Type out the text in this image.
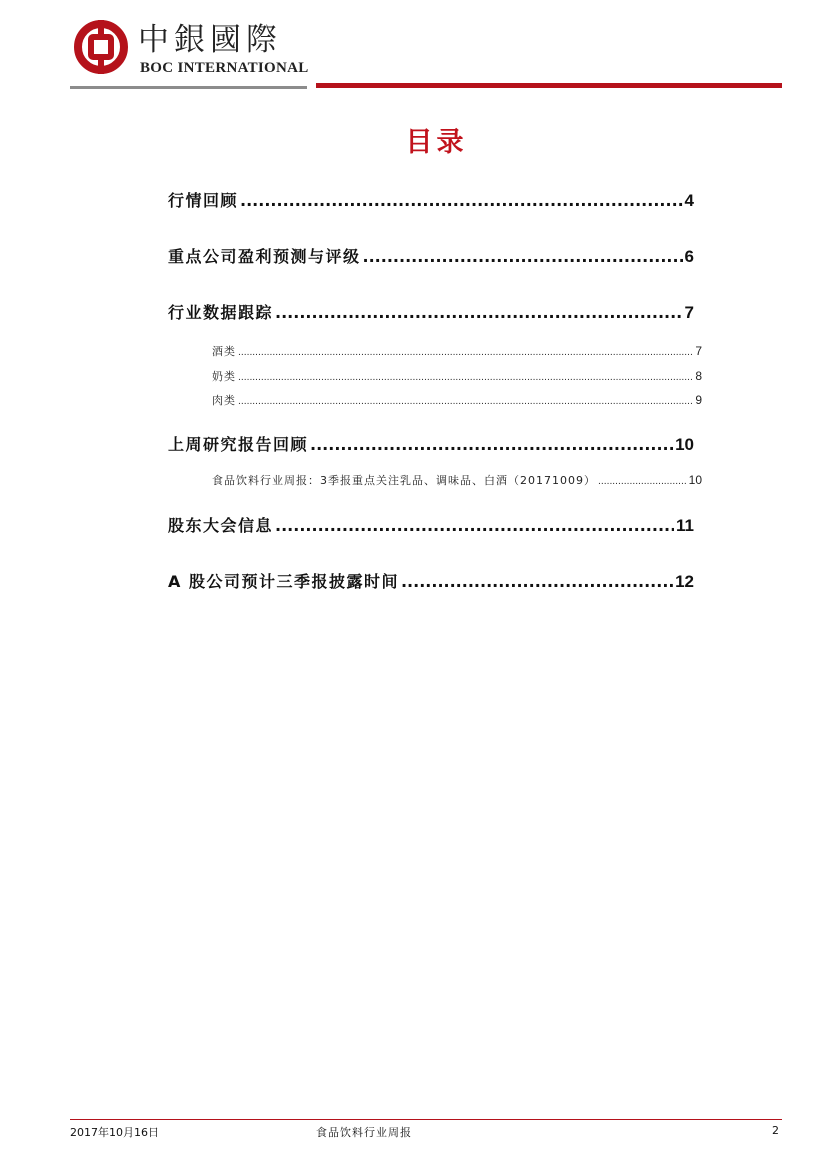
中銀國際
BOC INTERNATIONAL
目录
行情回顾 .....	4
重点公司盈利预测与评级 .....	6
行业数据跟踪 .....	7
酒类 .....	7
奶类 .....	8
肉类 .....	9
上周研究报告回顾 .....	10
食品饮料行业周报：3季报重点关注乳品、调味品、白酒（20171009） .....	10
股东大会信息 .....	11
A 股公司预计三季报披露时间 .....	12
2017年10月16日	食品饮料行业周报	2
